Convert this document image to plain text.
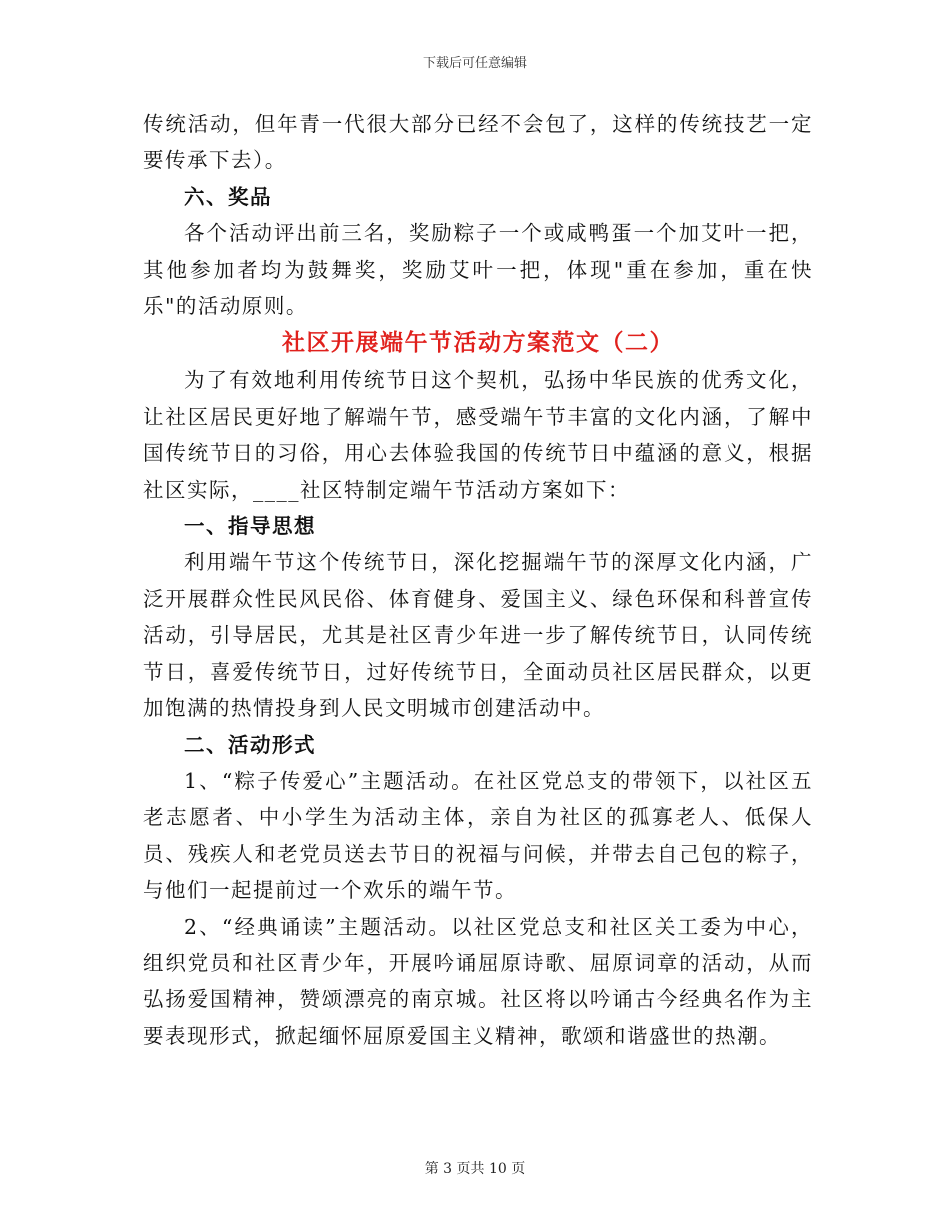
下载后可任意编辑

传统活动，但年青一代很大部分已经不会包了，这样的传统技艺一定要传承下去）。

六、奖品

各个活动评出前三名，奖励粽子一个或咸鸭蛋一个加艾叶一把，其他参加者均为鼓舞奖，奖励艾叶一把，体现"重在参加，重在快乐"的活动原则。

社区开展端午节活动方案范文（二）

为了有效地利用传统节日这个契机，弘扬中华民族的优秀文化，让社区居民更好地了解端午节，感受端午节丰富的文化内涵，了解中国传统节日的习俗，用心去体验我国的传统节日中蕴涵的意义，根据社区实际，____社区特制定端午节活动方案如下：

一、指导思想

利用端午节这个传统节日，深化挖掘端午节的深厚文化内涵，广泛开展群众性民风民俗、体育健身、爱国主义、绿色环保和科普宣传活动，引导居民，尤其是社区青少年进一步了解传统节日，认同传统节日，喜爱传统节日，过好传统节日，全面动员社区居民群众，以更加饱满的热情投身到人民文明城市创建活动中。

二、活动形式

1、“粽子传爱心”主题活动。在社区党总支的带领下，以社区五老志愿者、中小学生为活动主体，亲自为社区的孤寡老人、低保人员、残疾人和老党员送去节日的祝福与问候，并带去自己包的粽子，与他们一起提前过一个欢乐的端午节。

2、“经典诵读”主题活动。以社区党总支和社区关工委为中心，组织党员和社区青少年，开展吟诵屈原诗歌、屈原词章的活动，从而弘扬爱国精神，赞颂漂亮的南京城。社区将以吟诵古今经典名作为主要表现形式，掀起缅怀屈原爱国主义精神，歌颂和谐盛世的热潮。

第 3 页共 10 页
